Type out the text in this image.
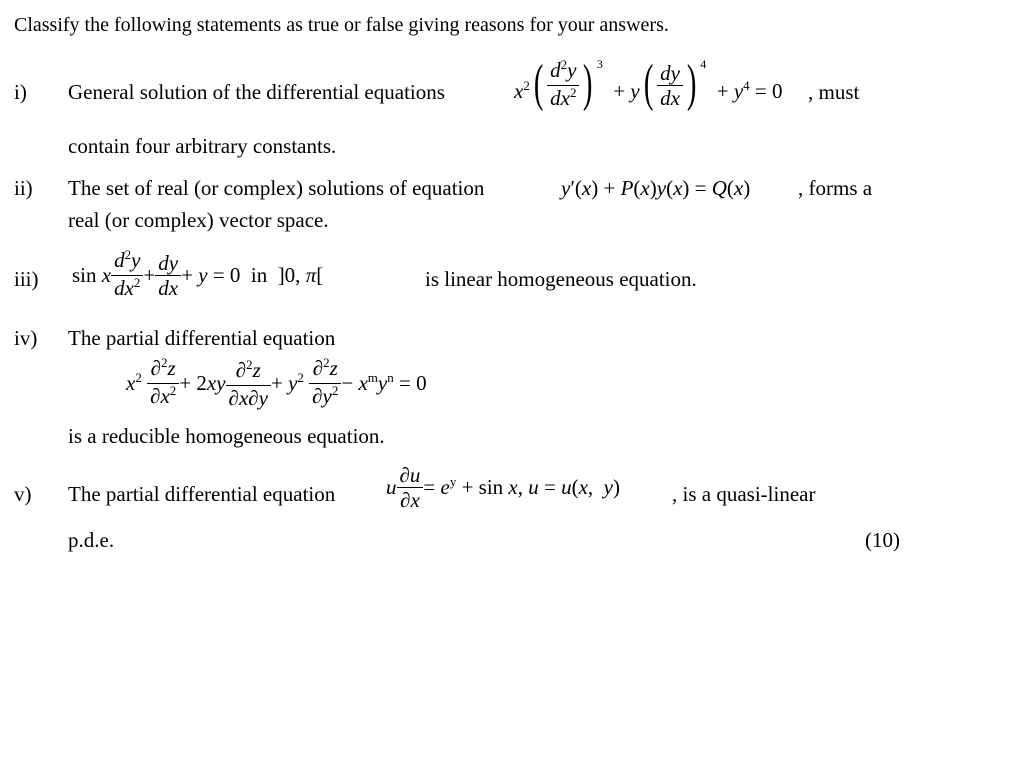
Classify the following statements as true or false giving reasons for your answers.
i) General solution of the differential equations	$x^2( \frac{d^2y}{dx^2}$ ) $^3 + y( \frac{dy}{dx}$ ) $^4 + y^4 = 0$ , must
contain four arbitrary constants.
ii) The set of real (or complex) solutions of equation	y′(x) + P(x)y(x) = Q(x) , forms a
real (or complex) vector space.
iii) sin x $\frac{d^2y}{dx^2} + \frac{dy}{dx} + y = 0$  in  ]0, π[	is linear homogeneous equation.
iv) The partial differential equation
$x^2 \frac{\partial^2z}{\partial x^2} + 2xy \frac{\partial^2z}{\partial x\partial y} + y^2 \frac{\partial^2z}{\partial y^2} - x^my^n = 0$
is a reducible homogeneous equation.
v) The partial differential equation u $\frac{\partial u}{\partial x} = e^y + \sin x$, u = u(x,  y) , is a quasi-linear
p.d.e.	(10)
